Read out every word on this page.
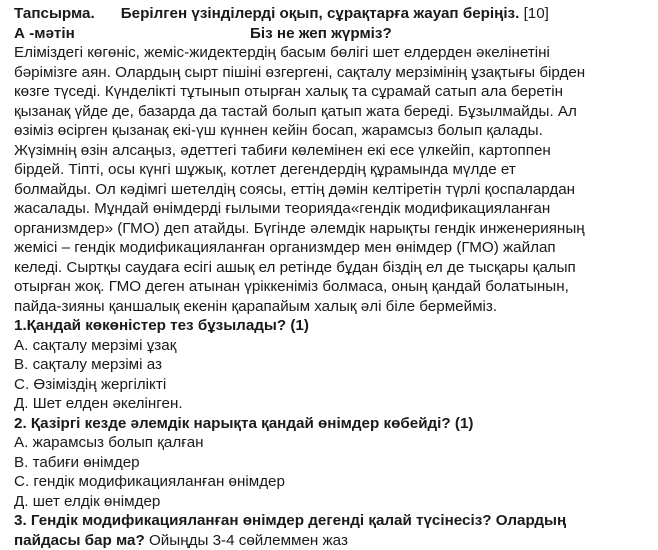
Тапсырма. Берілген үзінділерді оқып, сұрақтарға жауап беріңіз. [10]
А -мәтін	Біз не жеп жүрміз?
Еліміздегі көгөніс, жеміс-жидектердің басым бөлігі шет елдерден әкелінетіні
бәрімізге аян. Олардың сырт пішіні өзгергені, сақталу мерзімінің ұзақтығы бірден
көзге түседі. Күнделікті тұтынып отырған халық та сұрамай сатып ала беретін
қызанақ үйде де, базарда да тастай болып қатып жата береді. Бұзылмайды. Ал
өзіміз өсірген қызанақ екі-үш күннен кейін босап, жарамсыз болып қалады.
Жүзімнің өзін алсаңыз, әдеттегі табиғи көлемінен екі есе үлкейіп, картоппен
бірдей. Тіпті, осы күнгі шұжық, котлет дегендердің құрамында мүлде ет
болмайды. Ол кәдімгі шетелдің соясы, еттің дәмін келтіретін түрлі қоспалардан
жасалады. Мұндай өнімдерді ғылыми теорияда«гендік модификацияланған
организмдер» (ГМО) деп атайды. Бүгінде әлемдік нарықты гендік инженерияның
жемісі – гендік модификацияланған организмдер мен өнімдер (ГМО) жайлап
келеді. Сыртқы саудаға есігі ашық ел ретінде бұдан біздің ел де тысқары қалып
отырған жоқ. ГМО деген атынан үріккеніміз болмаса, оның қандай болатынын,
пайда-зияны қаншалық екенін қарапайым халық әлі біле бермейміз.
1.Қандай көкөністер тез бұзылады? (1)
А. сақталу мерзімі ұзақ
В. сақталу мерзімі аз
С. Өзіміздің жергілікті
Д. Шет елден әкелінген.
2. Қазіргі кезде әлемдік нарықта қандай өнімдер көбейді? (1)
А. жарамсыз болып қалған
В. табиғи өнімдер
С. гендік модификацияланған өнімдер
Д. шет елдік өнімдер
3. Гендік модификацияланған өнімдер дегенді қалай түсінесіз? Олардың
пайдасы бар ма? Ойыңды 3-4 сөйлеммен жаз
